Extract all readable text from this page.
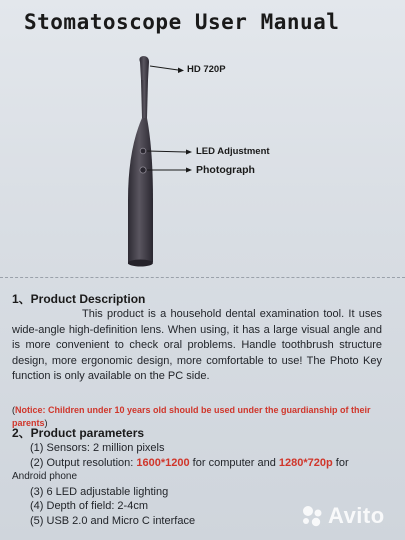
Stomatoscope User Manual
HD 720P
LED Adjustment
Photograph
1、Product Description
This product is a household dental examination tool. It uses wide-angle high-definition lens. When using, it has a large visual angle and is more convenient to check oral problems. Handle toothbrush structure design, more ergonomic design, more comfortable to use! The Photo Key function is only available on the PC side.
(Notice: Children under 10 years old should be used under the guardianship of their parents)
2、Product parameters
(1) Sensors: 2 million pixels
(2) Output resolution: 1600*1200 for computer and 1280*720p for
Android phone
(3) 6 LED adjustable lighting
(4) Depth of field: 2-4cm
(5) USB 2.0 and Micro C interface	Avito
